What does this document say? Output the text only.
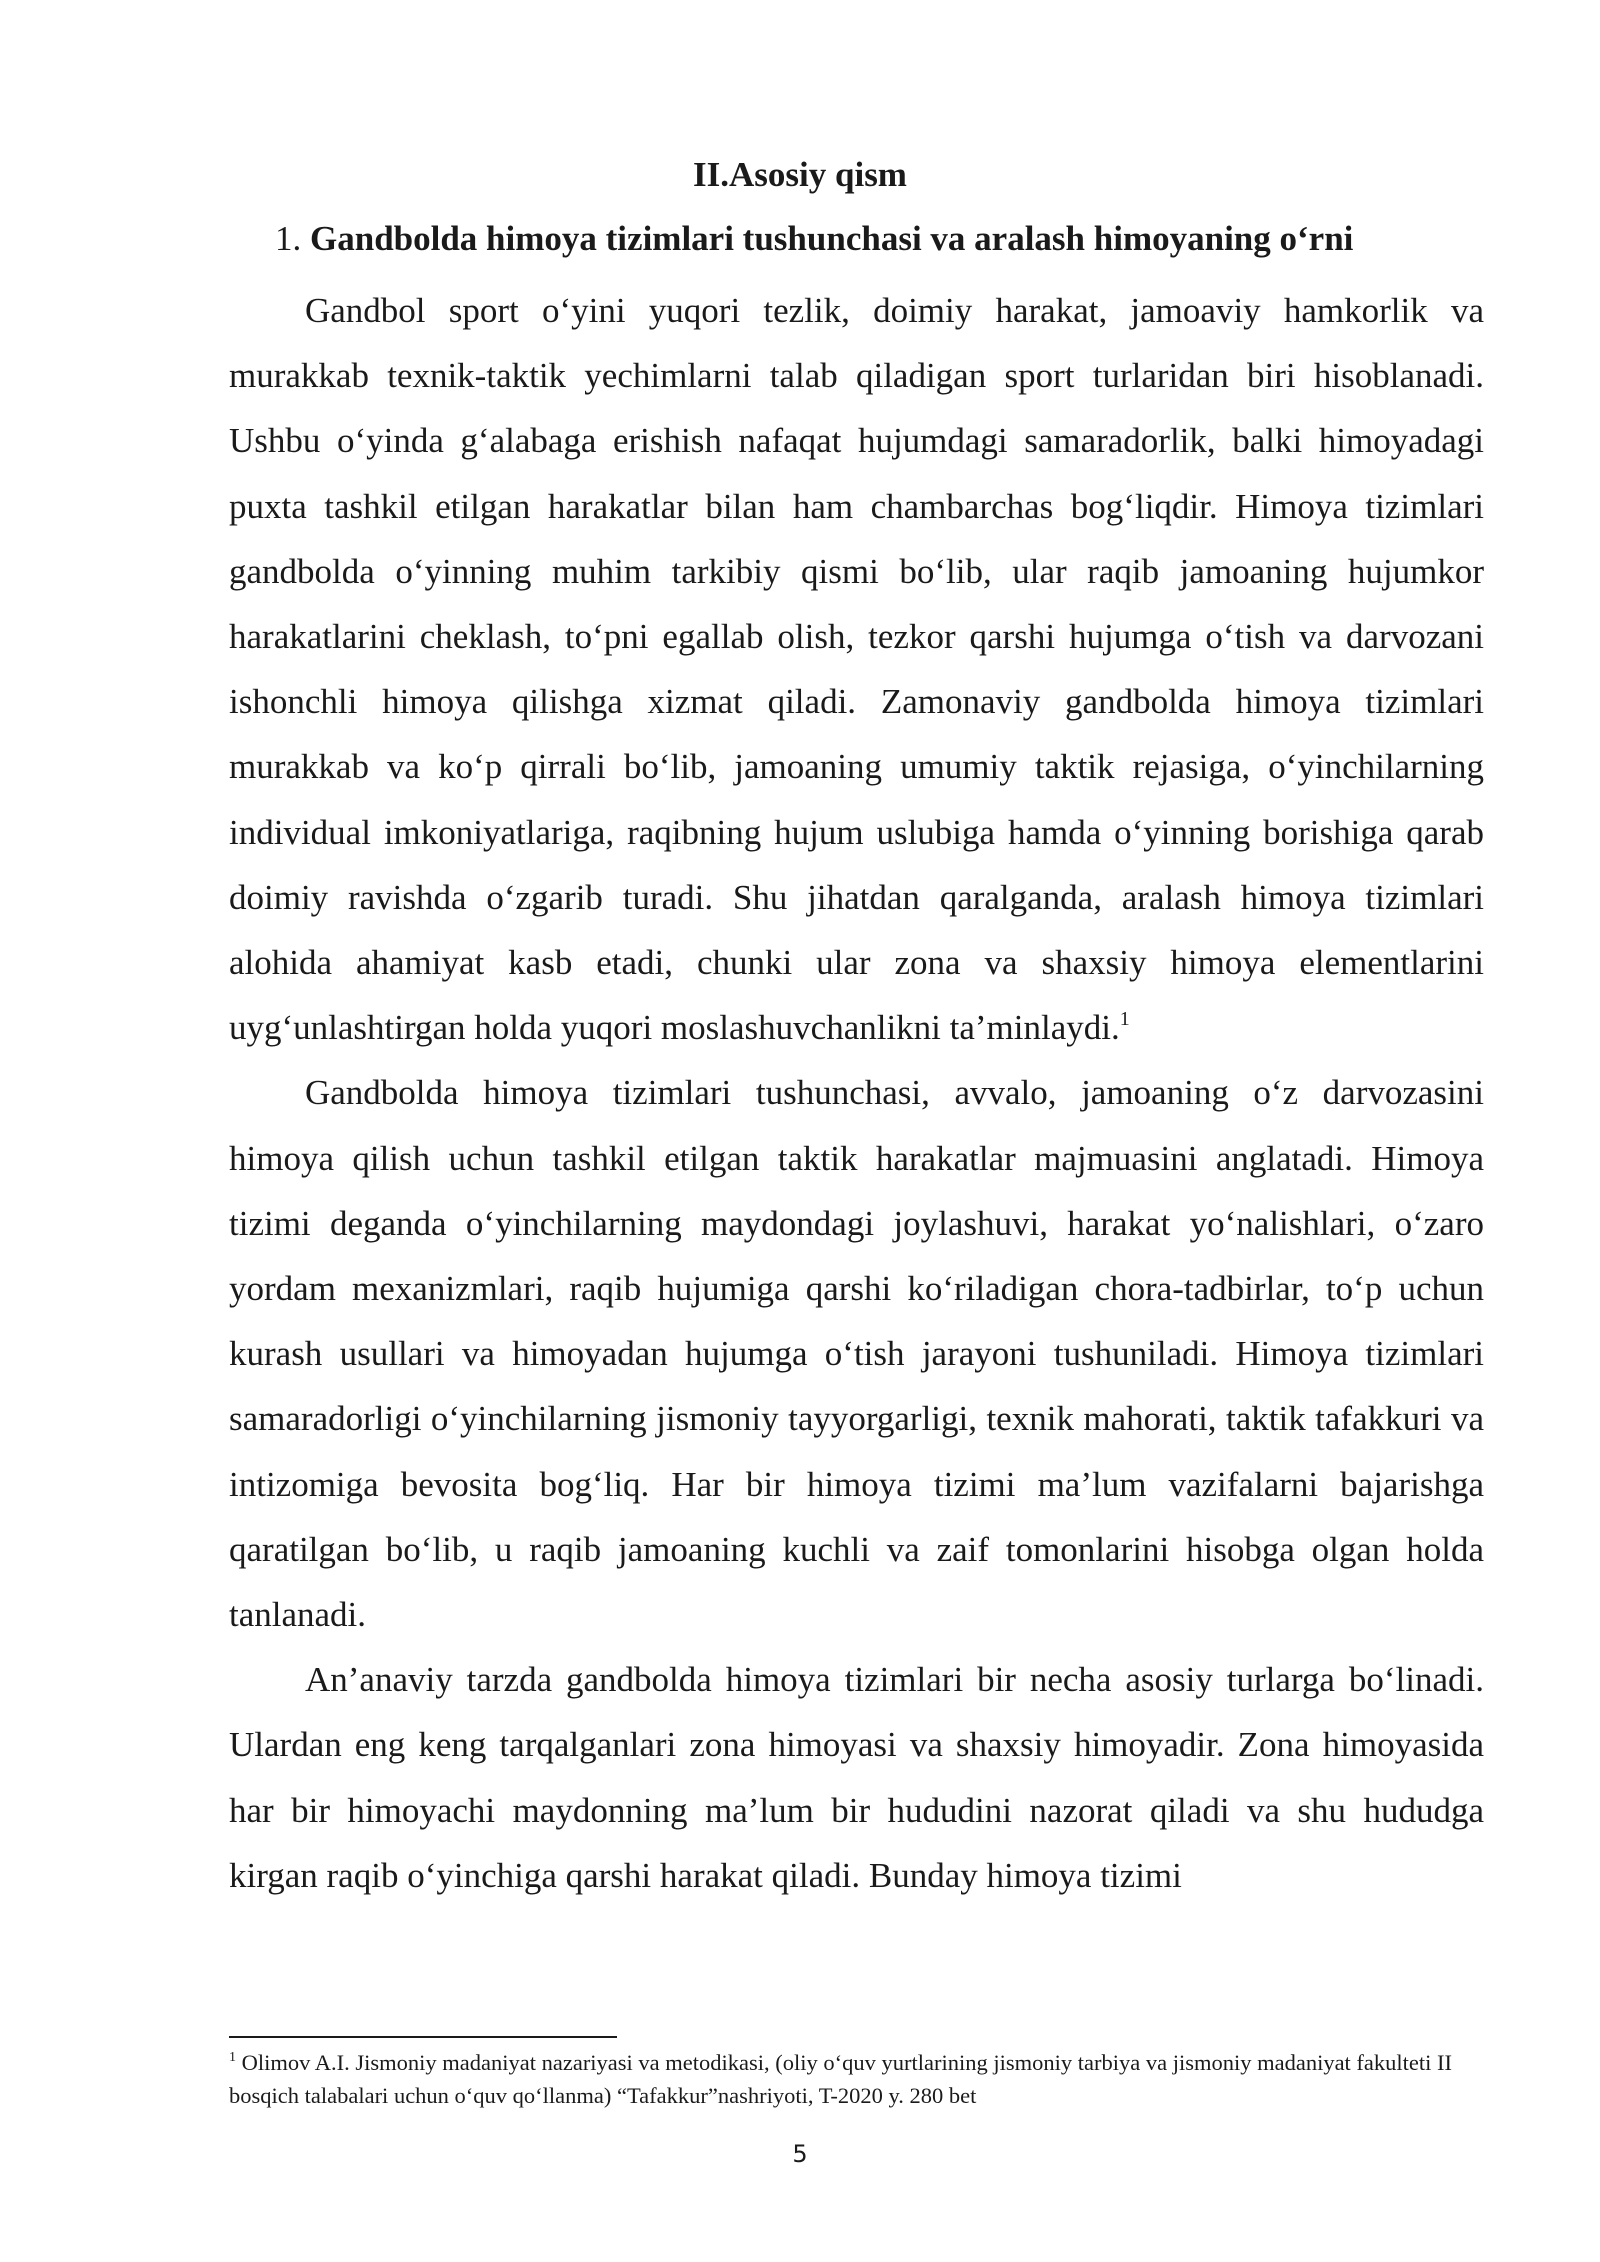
II.Asosiy qism
1. Gandbolda himoya tizimlari tushunchasi va aralash himoyaning o‘rni

Gandbol sport o‘yini yuqori tezlik, doimiy harakat, jamoaviy hamkorlik va murakkab texnik-taktik yechimlarni talab qiladigan sport turlaridan biri hisoblanadi. Ushbu o‘yinda g‘alabaga erishish nafaqat hujumdagi samaradorlik, balki himoyadagi puxta tashkil etilgan harakatlar bilan ham chambarchas bog‘liqdir. Himoya tizimlari gandbolda o‘yinning muhim tarkibiy qismi bo‘lib, ular raqib jamoaning hujumkor harakatlarini cheklash, to‘pni egallab olish, tezkor qarshi hujumga o‘tish va darvozani ishonchli himoya qilishga xizmat qiladi. Zamonaviy gandbolda himoya tizimlari murakkab va ko‘p qirrali bo‘lib, jamoaning umumiy taktik rejasiga, o‘yinchilarning individual imkoniyatlariga, raqibning hujum uslubiga hamda o‘yinning borishiga qarab doimiy ravishda o‘zgarib turadi. Shu jihatdan qaralganda, aralash himoya tizimlari alohida ahamiyat kasb etadi, chunki ular zona va shaxsiy himoya elementlarini uyg‘unlashtirgan holda yuqori moslashuvchanlikni ta’minlaydi.$^1$

Gandbolda himoya tizimlari tushunchasi, avvalo, jamoaning o‘z darvozasini himoya qilish uchun tashkil etilgan taktik harakatlar majmuasini anglatadi. Himoya tizimi deganda o‘yinchilarning maydondagi joylashuvi, harakat yo‘nalishlari, o‘zaro yordam mexanizmlari, raqib hujumiga qarshi ko‘riladigan chora-tadbirlar, to‘p uchun kurash usullari va himoyadan hujumga o‘tish jarayoni tushuniladi. Himoya tizimlari samaradorligi o‘yinchilarning jismoniy tayyorgarligi, texnik mahorati, taktik tafakkuri va intizomiga bevosita bog‘liq. Har bir himoya tizimi ma’lum vazifalarni bajarishga qaratilgan bo‘lib, u raqib jamoaning kuchli va zaif tomonlarini hisobga olgan holda tanlanadi.

An’anaviy tarzda gandbolda himoya tizimlari bir necha asosiy turlarga bo‘linadi. Ulardan eng keng tarqalganlari zona himoyasi va shaxsiy himoyadir. Zona himoyasida har bir himoyachi maydonning ma’lum bir hududini nazorat qiladi va shu hududga kirgan raqib o‘yinchiga qarshi harakat qiladi. Bunday himoya tizimi

$^1$ Olimov A.I. Jismoniy madaniyat nazariyasi va metodikasi, (oliy o‘quv yurtlarining jismoniy tarbiya va jismoniy madaniyat fakulteti II bosqich talabalari uchun o‘quv qo‘llanma) “Tafakkur”nashriyoti, T-2020 y. 280 bet
5
